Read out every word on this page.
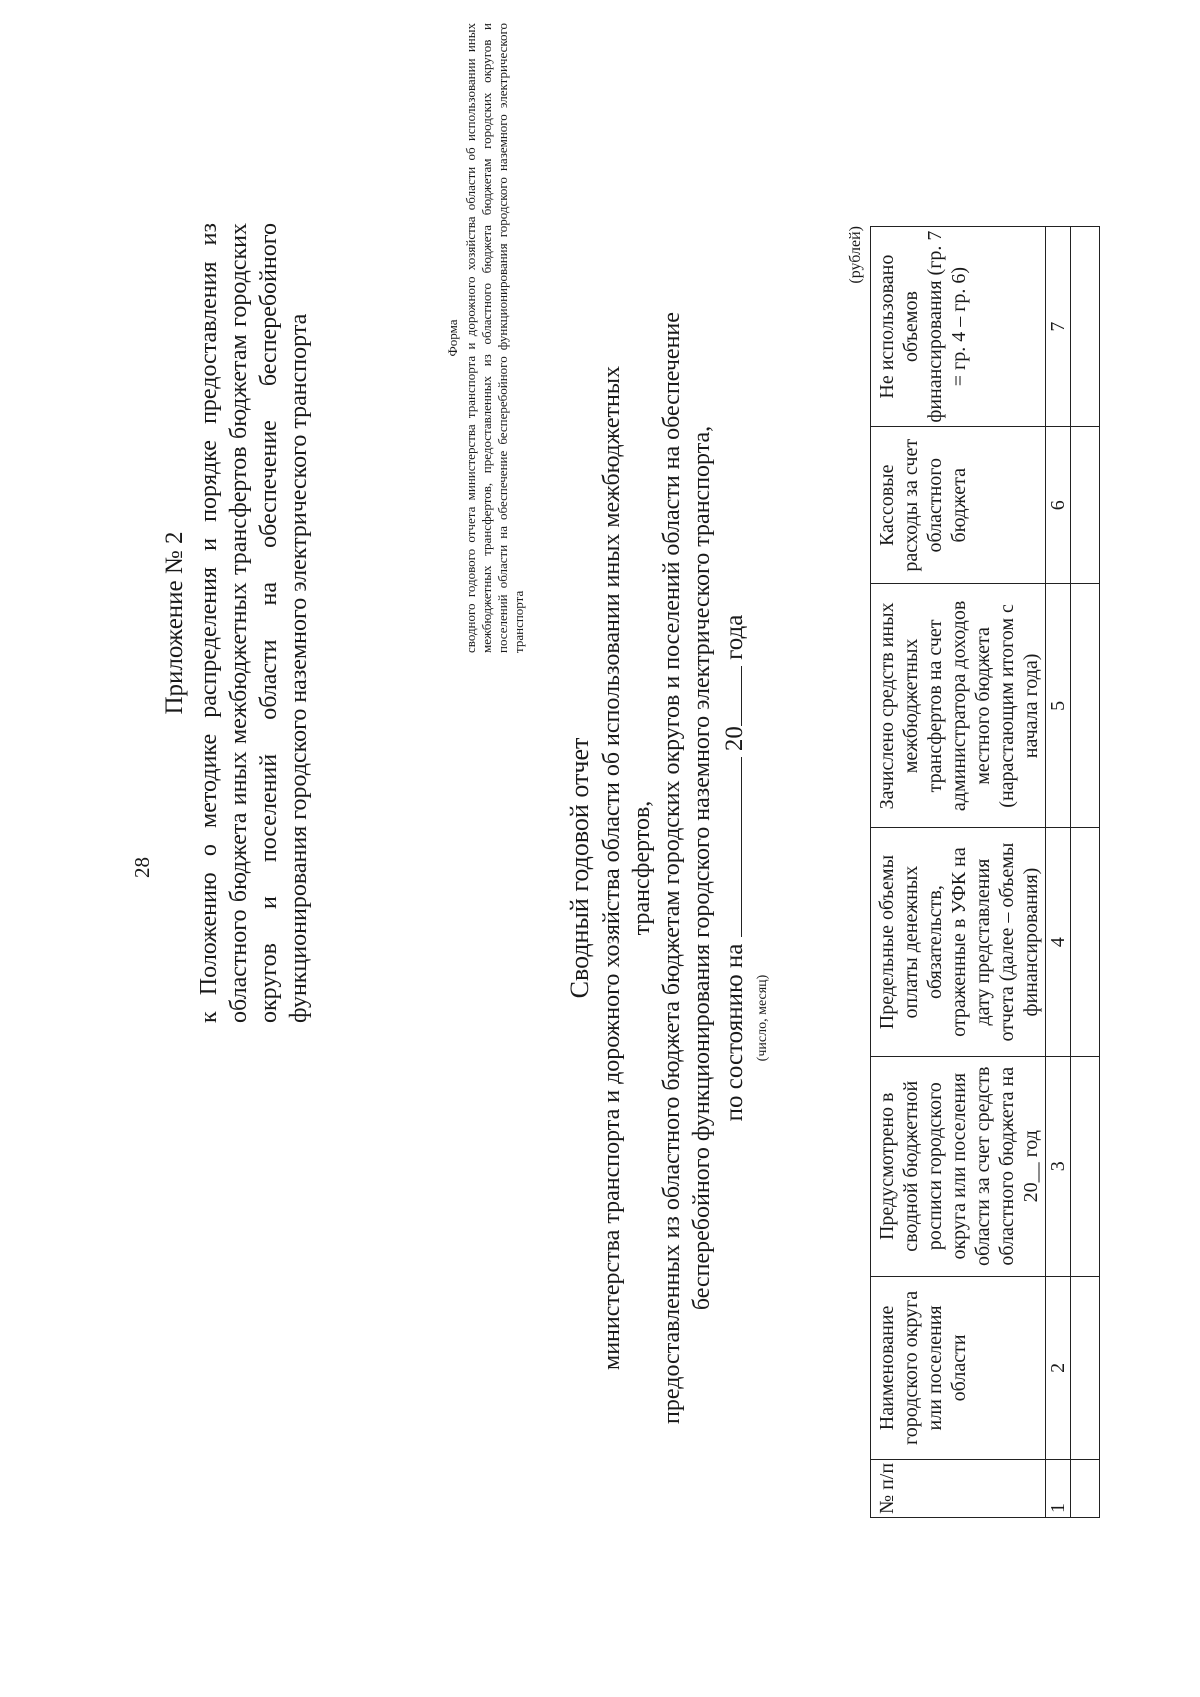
28
Приложение № 2 к Положению о методике распределения и порядке предоставления из областного бюджета иных межбюджетных трансфертов бюджетам городских округов и поселений области на обеспечение бесперебойного функционирования городского наземного электрического транспорта	Форма сводного годового отчета министерства транспорта и дорожного хозяйства области об использовании иных межбюджетных трансфертов, предоставленных из областного бюджета бюджетам городских округов и поселений области на обеспечение бесперебойного функционирования городского наземного электрического транспорта
Сводный годовой отчет министерства транспорта и дорожного хозяйства области об использовании иных межбюджетных трансфертов, предоставленных из областного бюджета бюджетам городских округов и поселений области на обеспечение бесперебойного функционирования городского наземного электрического транспорта, по состоянию на  20 года
(число, месяц)
(рублей)
№ п/п	Наименование городского округа или поселения области	Предусмотрено в сводной бюджетной росписи городского округа или поселения области за счет средств областного бюджета на 20__ год	Предельные объемы оплаты денежных обязательств, отраженные в УФК на дату представления отчета (далее – объемы финансирования)	Зачислено средств иных межбюджетных трансфертов на счет администратора доходов местного бюджета (нарастающим итогом с начала года)	Кассовые расходы за счет областного бюджета	Не использовано объемов финансирования (гр. 7 = гр. 4 – гр. 6)
1	2	3	4	5	6	7
